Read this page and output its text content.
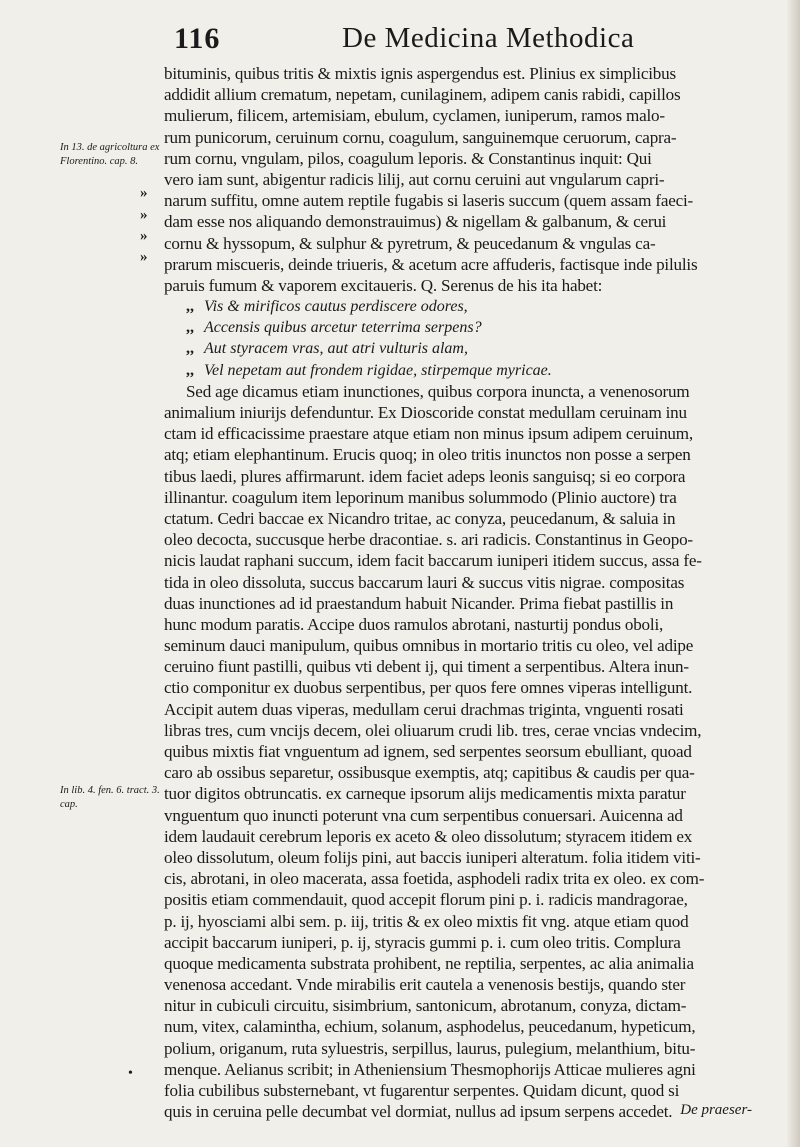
116	De Medicina Methodica
In 13. de agricoltura ex Florentino. cap. 8.
In lib. 4. fen. 6. tract. 3. cap.
»
»
»
»
bituminis, quibus tritis & mixtis ignis aspergendus est. Plinius ex simplicibus
addidit allium crematum, nepetam, cunilaginem, adipem canis rabidi, capillos
mulierum, filicem, artemisiam, ebulum, cyclamen, iuniperum, ramos malo-
rum punicorum, ceruinum cornu, coagulum, sanguinemque ceruorum, capra-
rum cornu, vngulam, pilos, coagulum leporis. & Constantinus inquit: Qui
vero iam sunt, abigentur radicis lilij, aut cornu ceruini aut vngularum capri-
narum suffitu, omne autem reptile fugabis si laseris succum (quem assam faeci-
dam esse nos aliquando demonstrauimus) & nigellam & galbanum, & cerui
cornu & hyssopum, & sulphur & pyretrum, & peucedanum & vngulas ca-
prarum miscueris, deinde triueris, & acetum acre affuderis, factisque inde pilulis
paruis fumum & vaporem excitaueris. Q. Serenus de his ita habet:
,, Vis & mirificos cautus perdiscere odores,
,, Accensis quibus arcetur teterrima serpens?
,, Aut styracem vras, aut atri vulturis alam,
,, Vel nepetam aut frondem rigidae, stirpemque myricae.
Sed age dicamus etiam inunctiones, quibus corpora inuncta, a venenosorum
animalium iniurijs defenduntur. Ex Dioscoride constat medullam ceruinam inu
ctam id efficacissime praestare atque etiam non minus ipsum adipem ceruinum,
atq; etiam elephantinum. Erucis quoq; in oleo tritis inunctos non posse a serpen
tibus laedi, plures affirmarunt. idem faciet adeps leonis sanguisq; si eo corpora
illinantur. coagulum item leporinum manibus solummodo (Plinio auctore) tra
ctatum. Cedri baccae ex Nicandro tritae, ac conyza, peucedanum, & saluia in
oleo decocta, succusque herbe dracontiae. s. ari radicis. Constantinus in Geopo-
nicis laudat raphani succum, idem facit baccarum iuniperi itidem succus, assa fe-
tida in oleo dissoluta, succus baccarum lauri & succus vitis nigrae. compositas
duas inunctiones ad id praestandum habuit Nicander. Prima fiebat pastillis in
hunc modum paratis. Accipe duos ramulos abrotani, nasturtij pondus oboli,
seminum dauci manipulum, quibus omnibus in mortario tritis cu oleo, vel adipe
ceruino fiunt pastilli, quibus vti debent ij, qui timent a serpentibus. Altera inun-
ctio componitur ex duobus serpentibus, per quos fere omnes viperas intelligunt.
Accipit autem duas viperas, medullam cerui drachmas triginta, vnguenti rosati
libras tres, cum vncijs decem, olei oliuarum crudi lib. tres, cerae vncias vndecim,
quibus mixtis fiat vnguentum ad ignem, sed serpentes seorsum ebulliant, quoad
caro ab ossibus separetur, ossibusque exemptis, atq; capitibus & caudis per qua-
tuor digitos obtruncatis. ex carneque ipsorum alijs medicamentis mixta paratur
vnguentum quo inuncti poterunt vna cum serpentibus conuersari. Auicenna ad
idem laudauit cerebrum leporis ex aceto & oleo dissolutum; styracem itidem ex
oleo dissolutum, oleum folijs pini, aut baccis iuniperi alteratum. folia itidem viti-
cis, abrotani, in oleo macerata, assa foetida, asphodeli radix trita ex oleo. ex com-
positis etiam commendauit, quod accepit florum pini p. i. radicis mandragorae,
p. ij, hyosciami albi sem. p. iij, tritis & ex oleo mixtis fit vng. atque etiam quod
accipit baccarum iuniperi, p. ij, styracis gummi p. i. cum oleo tritis. Complura
quoque medicamenta substrata prohibent, ne reptilia, serpentes, ac alia animalia
venenosa accedant. Vnde mirabilis erit cautela a venenosis bestijs, quando ster
nitur in cubiculi circuitu, sisimbrium, santonicum, abrotanum, conyza, dictam-
num, vitex, calamintha, echium, solanum, asphodelus, peucedanum, hypeticum,
polium, origanum, ruta syluestris, serpillus, laurus, pulegium, melanthium, bitu-
menque. Aelianus scribit; in Atheniensium Thesmophorijs Atticae mulieres agni
folia cubilibus substernebant, vt fugarentur serpentes. Quidam dicunt, quod si
quis in ceruina pelle decumbat vel dormiat, nullus ad ipsum serpens accedet.
•
De praeser-
